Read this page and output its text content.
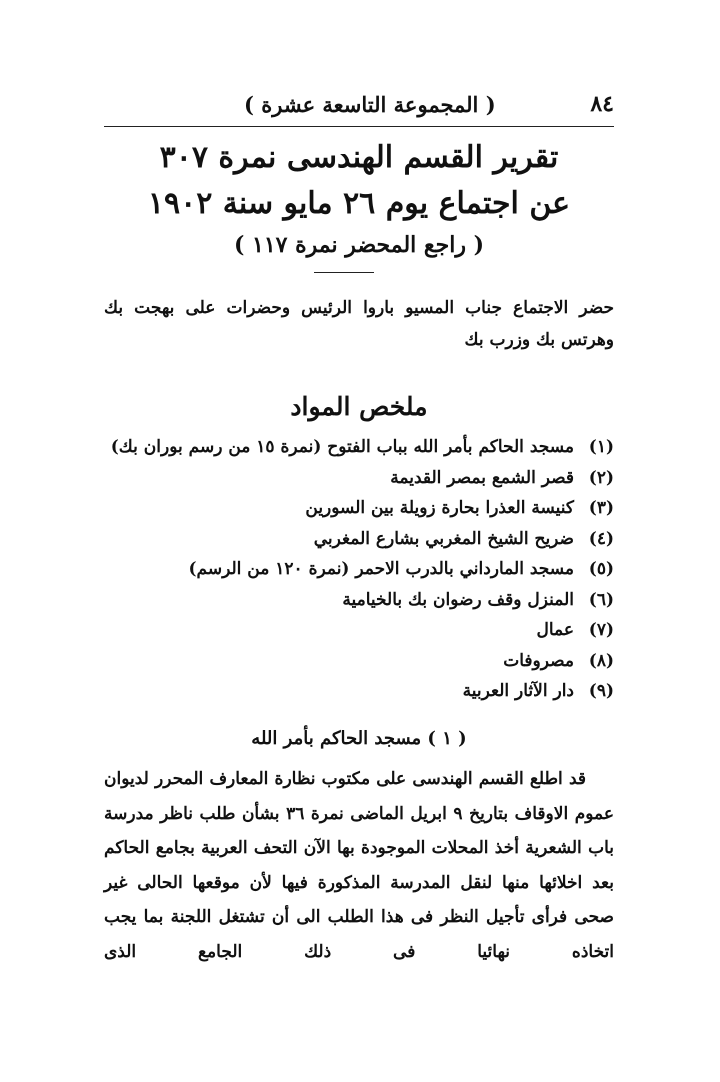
٨٤
( المجموعة التاسعة عشرة )
تقرير القسم الهندسى نمرة ٣٠٧
عن اجتماع يوم ٢٦ مايو سنة ١٩٠٢
( راجع المحضر نمرة ١١٧ )

حضر الاجتماع جناب المسيو باروا الرئيس وحضرات على بهجت بك وهرتس بك وزرب بك

ملخص المواد
(١)
مسجد الحاكم بأمر الله بباب الفتوح (نمرة ١٥ من رسم بوران بك)
(٢)
قصر الشمع بمصر القديمة
(٣)
كنيسة العذرا بحارة زويلة بين السورين
(٤)
ضريح الشيخ المغربي بشارع المغربي
(٥)
مسجد المارداني بالدرب الاحمر (نمرة ١٢٠ من الرسم)
(٦)
المنزل وقف رضوان بك بالخيامية
(٧)
عمال
(٨)
مصروفات
(٩)
دار الآثار العربية
( ١ ) مسجد الحاكم بأمر الله

قد اطلع القسم الهندسى على مكتوب نظارة المعارف المحرر لديوان عموم الاوقاف بتاريخ ٩ ابريل الماضى نمرة ٣٦ بشأن طلب ناظر مدرسة باب الشعرية أخذ المحلات الموجودة بها الآن التحف العربية بجامع الحاكم بعد اخلائها منها لنقل المدرسة المذكورة فيها لأن موقعها الحالى غير صحى فرأى تأجيل النظر فى هذا الطلب الى أن تشتغل اللجنة بما يجب اتخاذه نهائيا فى ذلك الجامع الذى
